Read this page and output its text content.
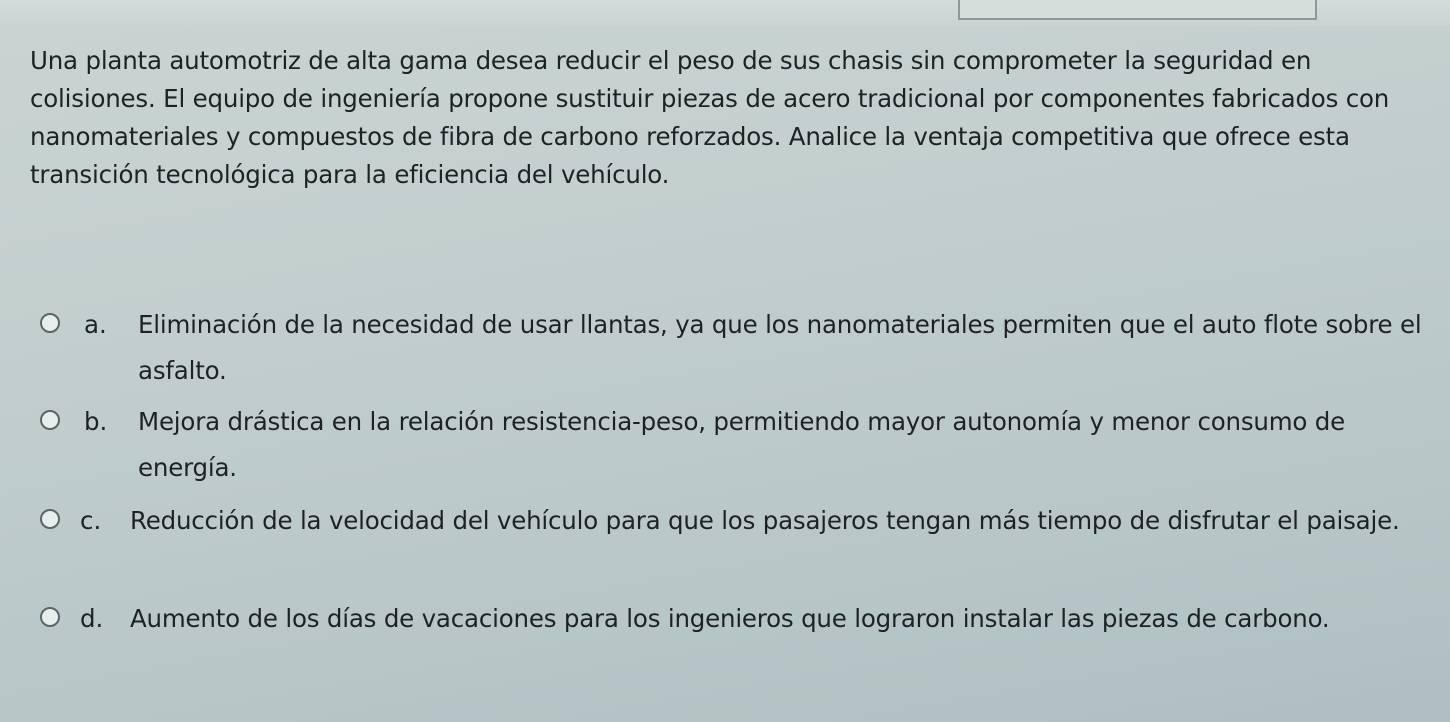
Una planta automotriz de alta gama desea reducir el peso de sus chasis sin comprometer la seguridad en colisiones. El equipo de ingeniería propone sustituir piezas de acero tradicional por componentes fabricados con nanomateriales y compuestos de fibra de carbono reforzados. Analice la ventaja competitiva que ofrece esta transición tecnológica para la eficiencia del vehículo.

a. Eliminación de la necesidad de usar llantas, ya que los nanomateriales permiten que el auto flote sobre el asfalto.
b. Mejora drástica en la relación resistencia-peso, permitiendo mayor autonomía y menor consumo de energía.
c. Reducción de la velocidad del vehículo para que los pasajeros tengan más tiempo de disfrutar el paisaje.
d. Aumento de los días de vacaciones para los ingenieros que lograron instalar las piezas de carbono.
